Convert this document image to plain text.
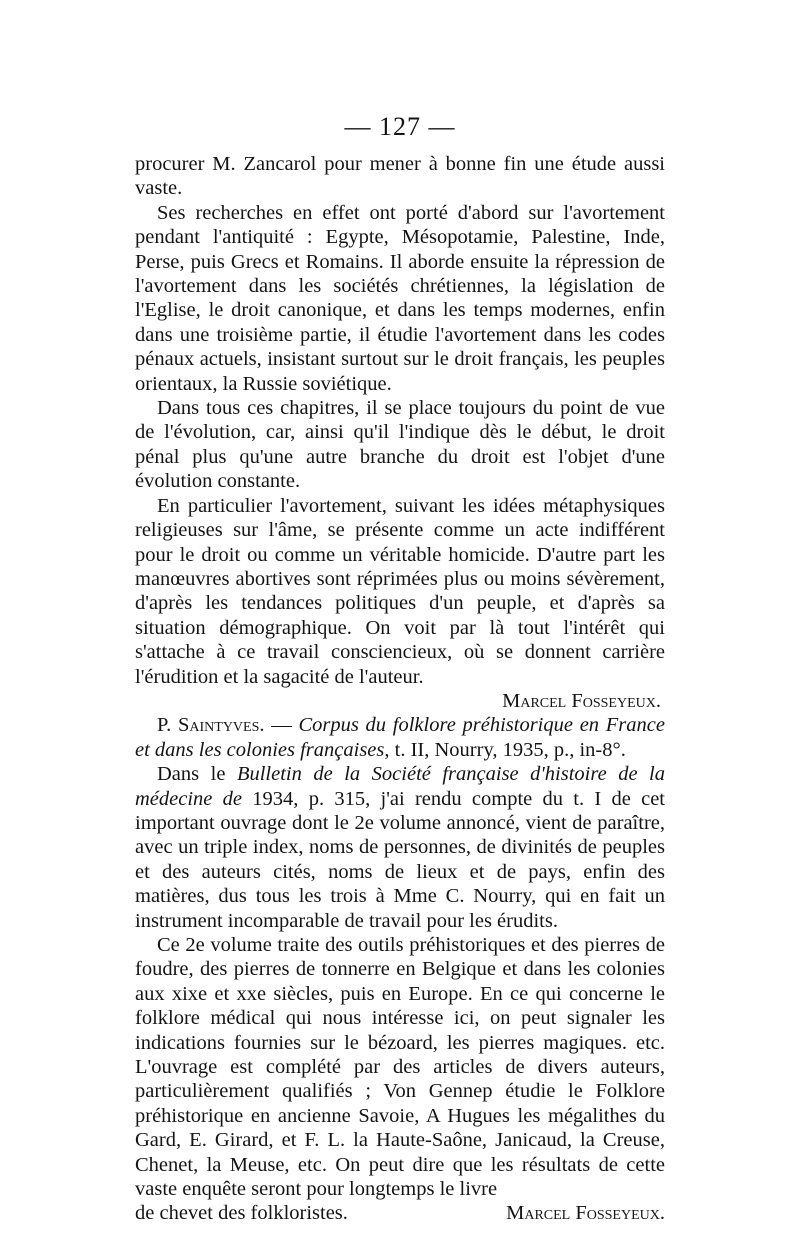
— 127 —

procurer M. Zancarol pour mener à bonne fin une étude aussi vaste.

Ses recherches en effet ont porté d'abord sur l'avortement pendant l'antiquité : Egypte, Mésopotamie, Palestine, Inde, Perse, puis Grecs et Romains. Il aborde ensuite la répression de l'avortement dans les sociétés chrétiennes, la législation de l'Eglise, le droit canonique, et dans les temps modernes, enfin dans une troisième partie, il étudie l'avortement dans les codes pénaux actuels, insistant surtout sur le droit français, les peuples orientaux, la Russie soviétique.

Dans tous ces chapitres, il se place toujours du point de vue de l'évolution, car, ainsi qu'il l'indique dès le début, le droit pénal plus qu'une autre branche du droit est l'objet d'une évolution constante.

En particulier l'avortement, suivant les idées métaphysiques religieuses sur l'âme, se présente comme un acte indifférent pour le droit ou comme un véritable homicide. D'autre part les manœuvres abortives sont réprimées plus ou moins sévèrement, d'après les tendances politiques d'un peuple, et d'après sa situation démographique. On voit par là tout l'intérêt qui s'attache à ce travail consciencieux, où se donnent carrière l'érudition et la sagacité de l'auteur.

Marcel Fosseyeux.

P. Saintyves. — Corpus du folklore préhistorique en France et dans les colonies françaises, t. II, Nourry, 1935, p., in-8°.

Dans le Bulletin de la Société française d'histoire de la médecine de 1934, p. 315, j'ai rendu compte du t. I de cet important ouvrage dont le 2e volume annoncé, vient de paraître, avec un triple index, noms de personnes, de divinités de peuples et des auteurs cités, noms de lieux et de pays, enfin des matières, dus tous les trois à Mme C. Nourry, qui en fait un instrument incomparable de travail pour les érudits.

Ce 2e volume traite des outils préhistoriques et des pierres de foudre, des pierres de tonnerre en Belgique et dans les colonies aux xixe et xxe siècles, puis en Europe. En ce qui concerne le folklore médical qui nous intéresse ici, on peut signaler les indications fournies sur le bézoard, les pierres magiques. etc. L'ouvrage est complété par des articles de divers auteurs, particulièrement qualifiés ; Von Gennep étudie le Folklore préhistorique en ancienne Savoie, A Hugues les mégalithes du Gard, E. Girard, et F. L. la Haute-Saône, Janicaud, la Creuse, Chenet, la Meuse, etc. On peut dire que les résultats de cette vaste enquête seront pour longtemps le livre

de chevet des folkloristes.	Marcel Fosseyeux.
